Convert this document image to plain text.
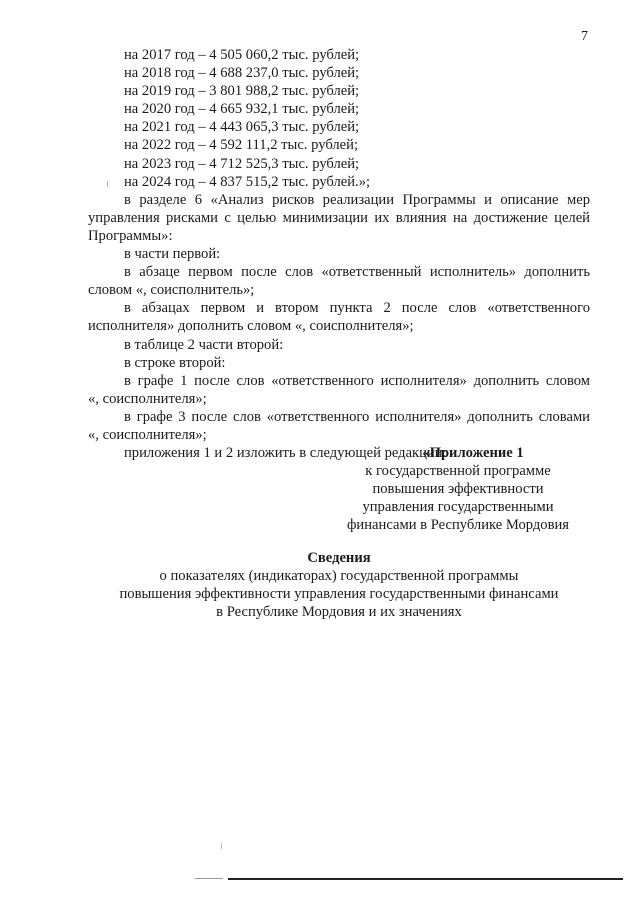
7
на 2017 год – 4 505 060,2 тыс. рублей;
на 2018 год – 4 688 237,0 тыс. рублей;
на 2019 год – 3 801 988,2 тыс. рублей;
на 2020 год – 4 665 932,1 тыс. рублей;
на 2021 год – 4 443 065,3 тыс. рублей;
на 2022 год – 4 592 111,2 тыс. рублей;
на 2023 год – 4 712 525,3 тыс. рублей;
на 2024 год – 4 837 515,2 тыс. рублей.»;
в разделе 6 «Анализ рисков реализации Программы и описание мер
управления рисками с целью минимизации их влияния на достижение целей
Программы»:
в части первой:
в абзаце первом после слов «ответственный исполнитель» дополнить
словом «, соисполнитель»;
в абзацах первом и втором пункта 2 после слов «ответственного
исполнителя» дополнить словом «, соисполнителя»;
в таблице 2 части второй:
в строке второй:
в графе 1 после слов «ответственного исполнителя» дополнить словом
«, соисполнителя»;
в графе 3 после слов «ответственного исполнителя» дополнить словами
«, соисполнителя»;
приложения 1 и 2 изложить в следующей редакции:
«Приложение 1
к государственной программе
повышения эффективности
управления государственными
финансами в Республике Мордовия
Сведения
о показателях (индикаторах) государственной программы
повышения эффективности управления государственными финансами
в Республике Мордовия и их значениях
